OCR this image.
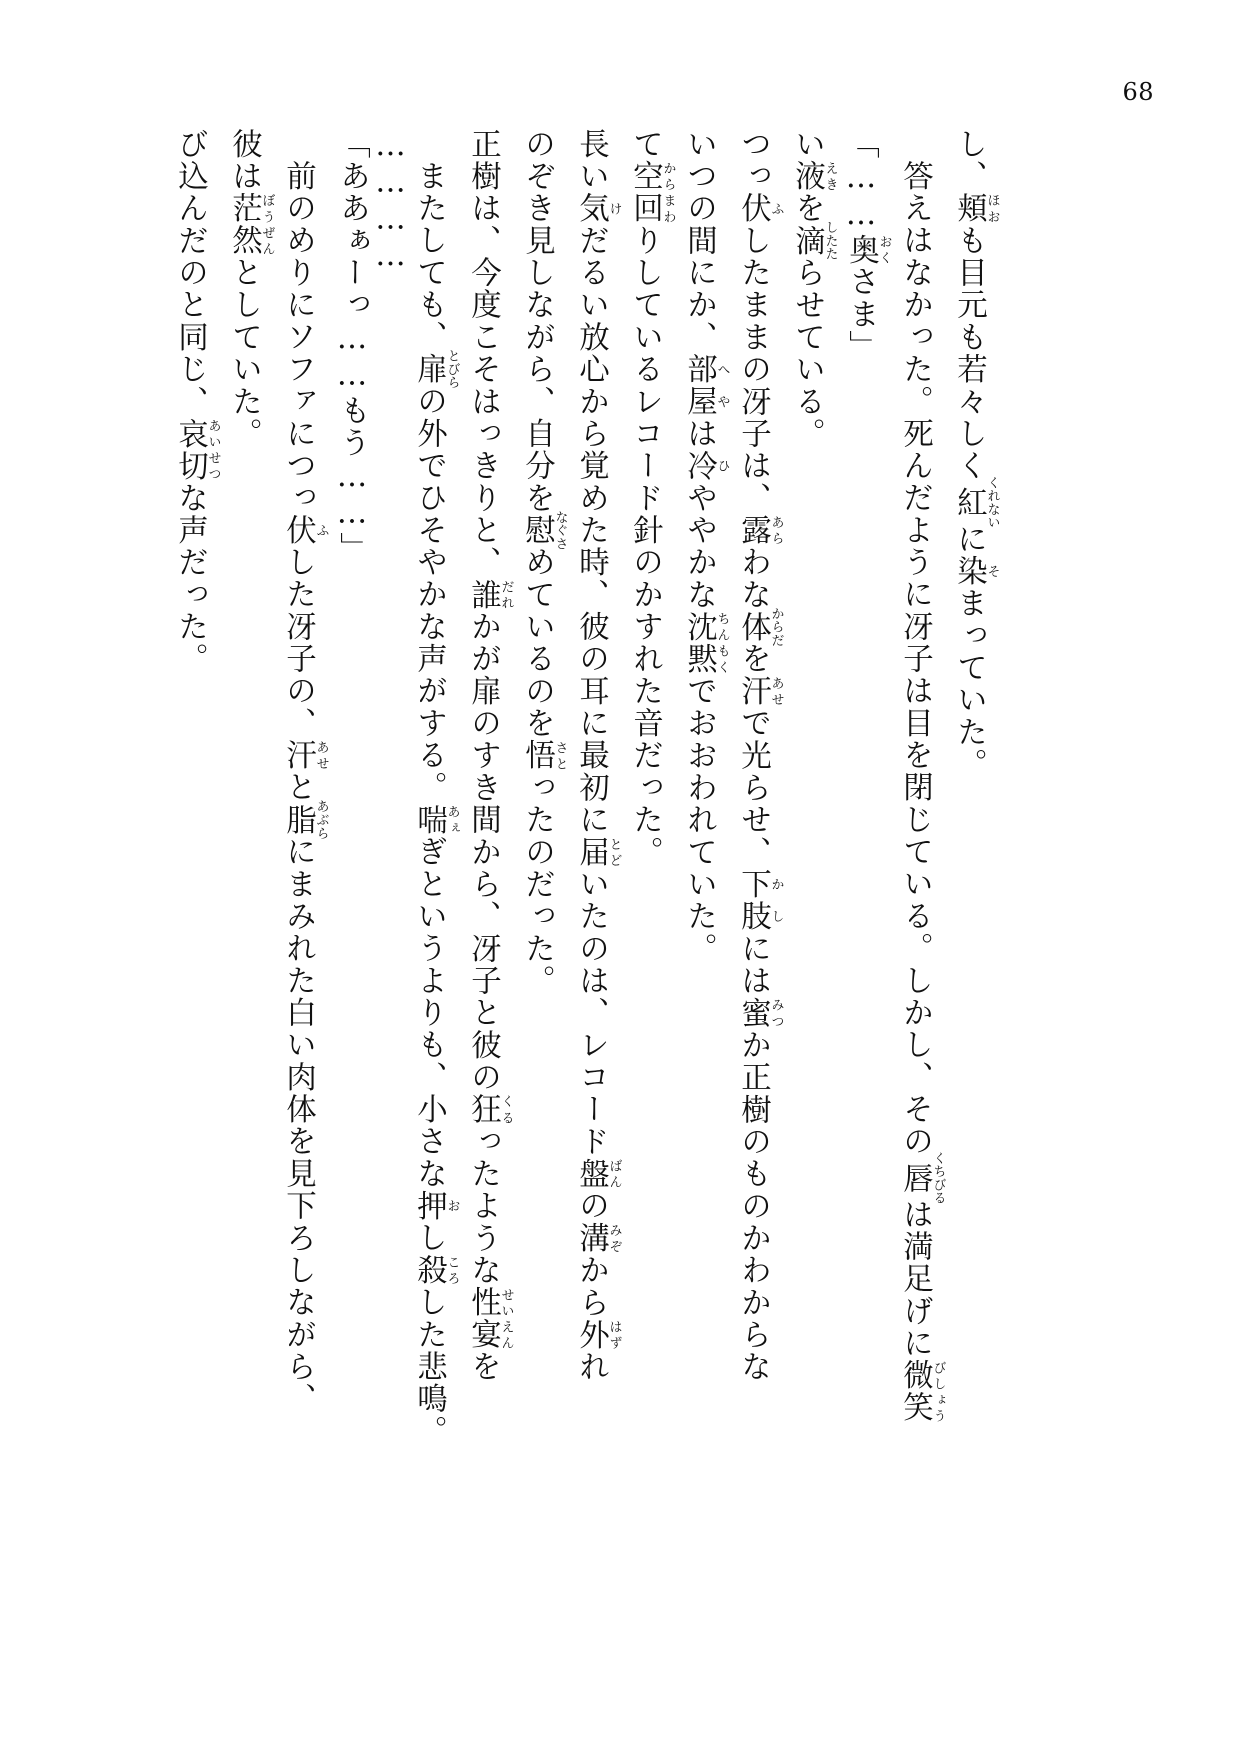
68
び込んだのと同じ、哀切あいせつな声だった。
彼は茫然ぼうぜんとしていた。 前のめりにソファにつっ伏ふした冴子の、汗あせと脂あぶらにまみれた白い肉体を見下ろしながら、
「ああぁーっ……もう……」 ………… またしても、扉とびらの外でひそやかな声がする。喘あぇぎというよりも、小さな押おし殺ころした悲鳴。
正樹は、今度こそはっきりと、誰だれかが扉のすき間から、冴子と彼の狂くるったような性宴せいえんを
のぞき見しながら、自分を慰なぐさめているのを悟さとったのだった。
長い気けだるい放心から覚めた時、彼の耳に最初に届とどいたのは、レコード盤ばんの溝みぞから外はずれ
て空回からまわりしているレコード針のかすれた音だった。 いつの間にか、部屋へやは冷ひややかな沈黙ちんもくでおおわれていた。
つっ伏ふしたままの冴子は、露あらわな体からだを汗あせで光らせ、下肢かしには蜜みつか正樹のものかわからな
い液えきを滴したたらせている。
「……奥おくさま」 答えはなかった。死んだように冴子は目を閉じている。しかし、その唇くちびるは満足げに微笑びしょう
し、頬ほおも目元も若々しく紅くれないに染そまっていた。
